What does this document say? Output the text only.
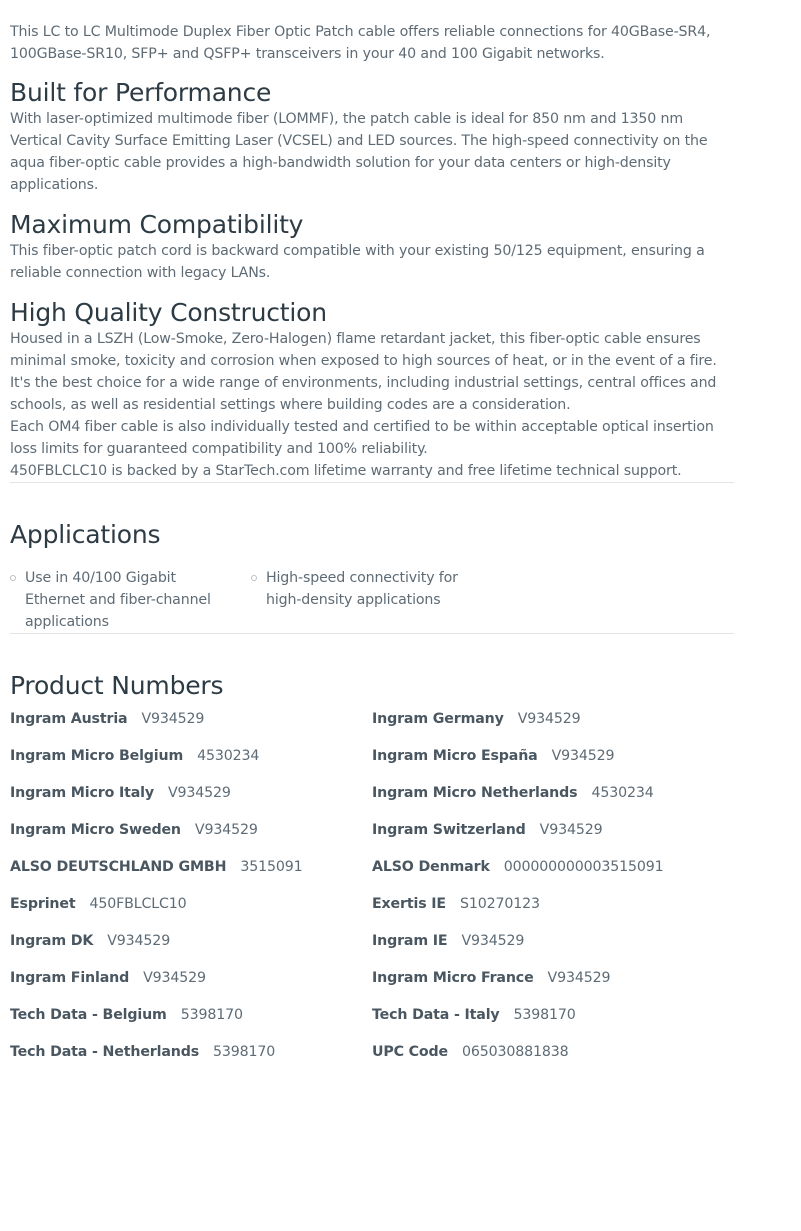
This LC to LC Multimode Duplex Fiber Optic Patch cable offers reliable connections for 40GBase-SR4, 100GBase-SR10, SFP+ and QSFP+ transceivers in your 40 and 100 Gigabit networks.

Built for Performance

With laser-optimized multimode fiber (LOMMF), the patch cable is ideal for 850 nm and 1350 nm Vertical Cavity Surface Emitting Laser (VCSEL) and LED sources. The high-speed connectivity on the aqua fiber-optic cable provides a high-bandwidth solution for your data centers or high-density applications.

Maximum Compatibility

This fiber-optic patch cord is backward compatible with your existing 50/125 equipment, ensuring a reliable connection with legacy LANs.

High Quality Construction

Housed in a LSZH (Low-Smoke, Zero-Halogen) flame retardant jacket, this fiber-optic cable ensures minimal smoke, toxicity and corrosion when exposed to high sources of heat, or in the event of a fire. It's the best choice for a wide range of environments, including industrial settings, central offices and schools, as well as residential settings where building codes are a consideration.

Each OM4 fiber cable is also individually tested and certified to be within acceptable optical insertion loss limits for guaranteed compatibility and 100% reliability.

450FBLCLC10 is backed by a StarTech.com lifetime warranty and free lifetime technical support.

Applications
Use in 40/100 Gigabit Ethernet and fiber-channel applications
High-speed connectivity for high-density applications
Product Numbers
Ingram Austria V934529	Ingram Germany V934529
Ingram Micro Belgium 4530234	Ingram Micro España V934529
Ingram Micro Italy V934529	Ingram Micro Netherlands 4530234
Ingram Micro Sweden V934529	Ingram Switzerland V934529
ALSO DEUTSCHLAND GMBH 3515091	ALSO Denmark 000000000003515091
Esprinet 450FBLCLC10	Exertis IE S10270123
Ingram DK V934529	Ingram IE V934529
Ingram Finland V934529	Ingram Micro France V934529
Tech Data - Belgium 5398170	Tech Data - Italy 5398170
Tech Data - Netherlands 5398170	UPC Code 065030881838
